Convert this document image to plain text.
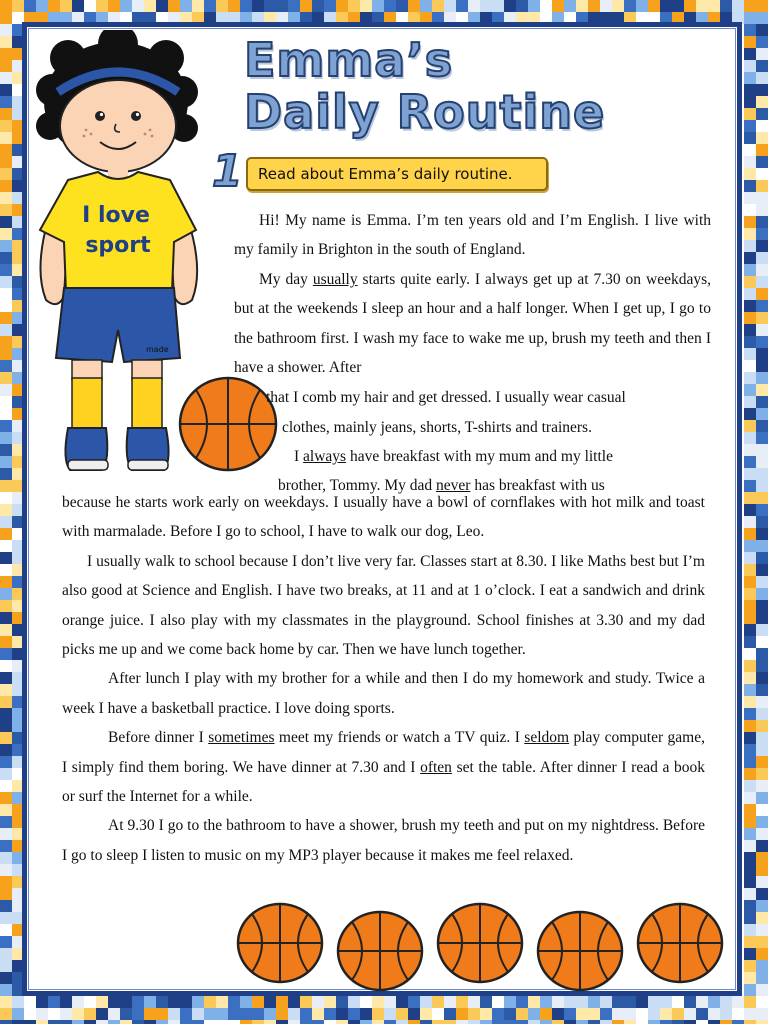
Emma’s
Daily Routine
1	Read about Emma’s daily routine.
I love
sport
made

Hi! My name is Emma. I’m ten years old and I’m English. I live with my family in Brighton in the south of England.

My day usually starts quite early. I always get up at 7.30 on weekdays, but at the weekends I sleep an hour and a half longer. When I get up, I go to the bathroom first. I wash my face to wake me up, brush my teeth and then I have a shower. After

that I comb my hair and get dressed. I usually wear casual
clothes, mainly jeans, shorts, T-shirts and trainers.
I always have breakfast with my mum and my little
brother, Tommy. My dad never has breakfast with us

because he starts work early on weekdays. I usually have a bowl of cornflakes with hot milk and toast with marmalade. Before I go to school, I have to walk our dog, Leo.

I usually walk to school because I don’t live very far. Classes start at 8.30. I like Maths best but I’m also good at Science and English. I have two breaks, at 11 and at 1 o’clock. I eat a sandwich and drink orange juice. I also play with my classmates in the playground. School finishes at 3.30 and my dad picks me up and we come back home by car. Then we have lunch together.

After lunch I play with my brother for a while and then I do my homework and study. Twice a week I have a basketball practice. I love doing sports.

Before dinner I sometimes meet my friends or watch a TV quiz. I seldom play computer game, I simply find them boring. We have dinner at 7.30 and I often set the table. After dinner I read a book or surf the Internet for a while.

At 9.30 I go to the bathroom to have a shower, brush my teeth and put on my nightdress. Before I go to sleep I listen to music on my MP3 player because it makes me feel relaxed.
